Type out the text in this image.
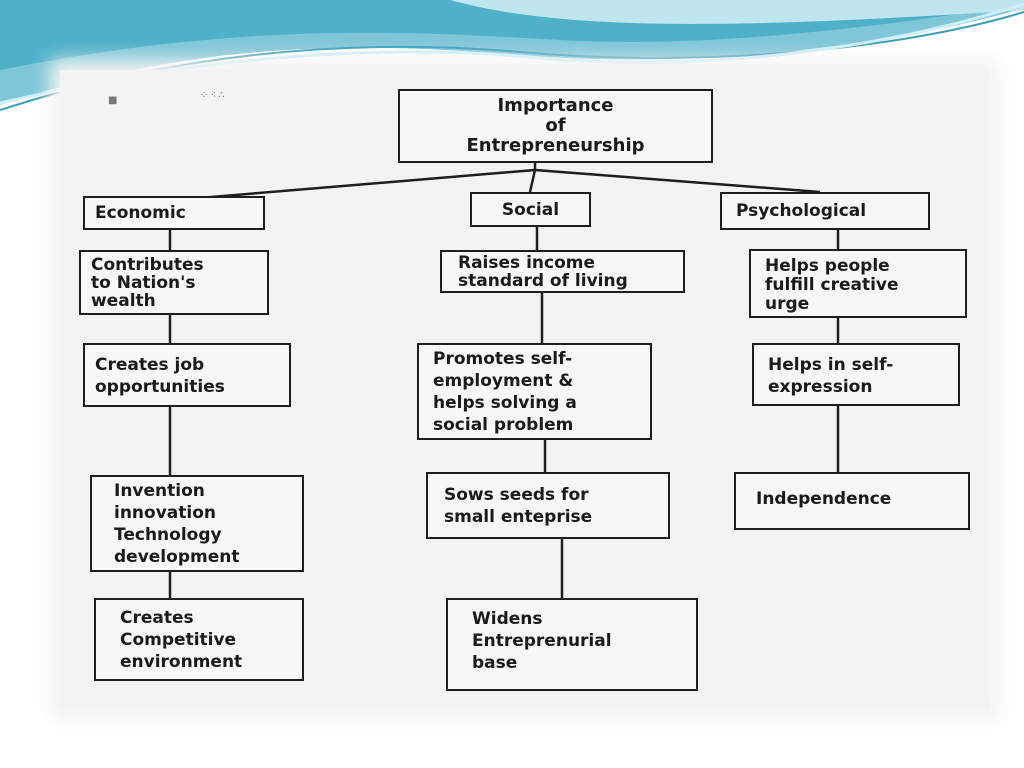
■	⁘⁖∴	Importance
of
Entrepreneurship
Economic	Social	Psychological
Contributes
to Nation's
wealth
Creates job
opportunities
Invention
innovation
Technology
development
Creates
Competitive
environment
Raises income
standard of living
Promotes self-
employment &
helps solving a
social problem
Sows seeds for
small enteprise
Widens
Entreprenurial
base
Helps people
fulfill creative
urge
Helps in self-
expression
Independence
